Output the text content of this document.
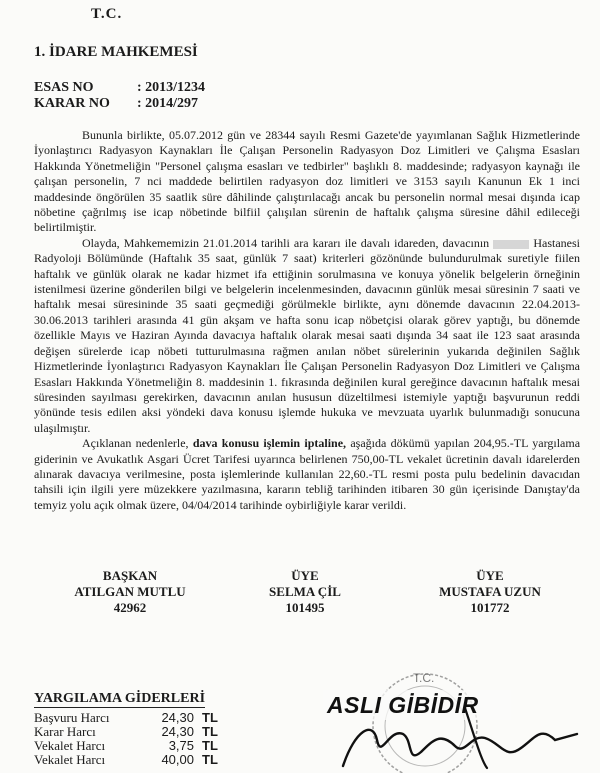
T.C.
1. İDARE MAHKEMESİ
ESAS NO	: 2013/1234
KARAR NO : 2014/297

Bununla birlikte, 05.07.2012 gün ve 28344 sayılı Resmi Gazete'de yayımlanan Sağlık Hizmetlerinde İyonlaştırıcı Radyasyon Kaynakları İle Çalışan Personelin Radyasyon Doz Limitleri ve Çalışma Esasları Hakkında Yönetmeliğin "Personel çalışma esasları ve tedbirler" başlıklı 8. maddesinde; radyasyon kaynağı ile çalışan personelin, 7 nci maddede belirtilen radyasyon doz limitleri ve 3153 sayılı Kanunun Ek 1 inci maddesinde öngörülen 35 saatlik süre dâhilinde çalıştırılacağı ancak bu personelin normal mesai dışında icap nöbetine çağrılmış ise icap nöbetinde bilfiil çalışılan sürenin de haftalık çalışma süresine dâhil edileceği belirtilmiştir.

Olayda, Mahkememizin 21.01.2014 tarihli ara kararı ile davalı idareden, davacının	Hastanesi Radyoloji Bölümünde (Haftalık 35 saat, günlük 7 saat) kriterleri gözönünde bulundurulmak suretiyle fiilen haftalık ve günlük olarak ne kadar hizmet ifa ettiğinin sorulmasına ve konuya yönelik belgelerin örneğinin istenilmesi üzerine gönderilen bilgi ve belgelerin incelenmesinden, davacının günlük mesai süresinin 7 saati ve haftalık mesai süresininde 35 saati geçmediği görülmekle birlikte, aynı dönemde davacının 22.04.2013-30.06.2013 tarihleri arasında 41 gün akşam ve hafta sonu icap nöbetçisi olarak görev yaptığı, bu dönemde özellikle Mayıs ve Haziran Ayında davacıya haftalık olarak mesai saati dışında 34 saat ile 123 saat arasında değişen sürelerde icap nöbeti tutturulmasına rağmen anılan nöbet sürelerinin yukarıda değinilen Sağlık Hizmetlerinde İyonlaştırıcı Radyasyon Kaynakları İle Çalışan Personelin Radyasyon Doz Limitleri ve Çalışma Esasları Hakkında Yönetmeliğin 8. maddesinin 1. fıkrasında değinilen kural gereğince davacının haftalık mesai süresinden sayılması gerekirken, davacının anılan hususun düzeltilmesi istemiyle yaptığı başvurunun reddi yönünde tesis edilen aksi yöndeki dava konusu işlemde hukuka ve mevzuata uyarlık bulunmadığı sonucuna ulaşılmıştır.

Açıklanan nedenlerle, dava konusu işlemin iptaline, aşağıda dökümü yapılan 204,95.-TL yargılama giderinin ve Avukatlık Asgari Ücret Tarifesi uyarınca belirlenen 750,00-TL vekalet ücretinin davalı idarelerden alınarak davacıya verilmesine, posta işlemlerinde kullanılan 22,60.-TL resmi posta pulu bedelinin davacıdan tahsili için ilgili yere müzekkere yazılmasına, kararın tebliğ tarihinden itibaren 30 gün içerisinde Danıştay'da temyiz yolu açık olmak üzere, 04/04/2014 tarihinde oybirliğiyle karar verildi.

BAŞKAN
ATILGAN MUTLU
42962
ÜYE
SELMA ÇİL
101495
ÜYE
MUSTAFA UZUN
101772
YARGILAMA GİDERLERİ
Başvuru Harcı	24,30 TL
Karar Harcı	24,30 TL
Vekalet Harcı	3,75 TL
Vekalet Harcı	40,00 TL
T.C.
ASLI GİBİDİR
